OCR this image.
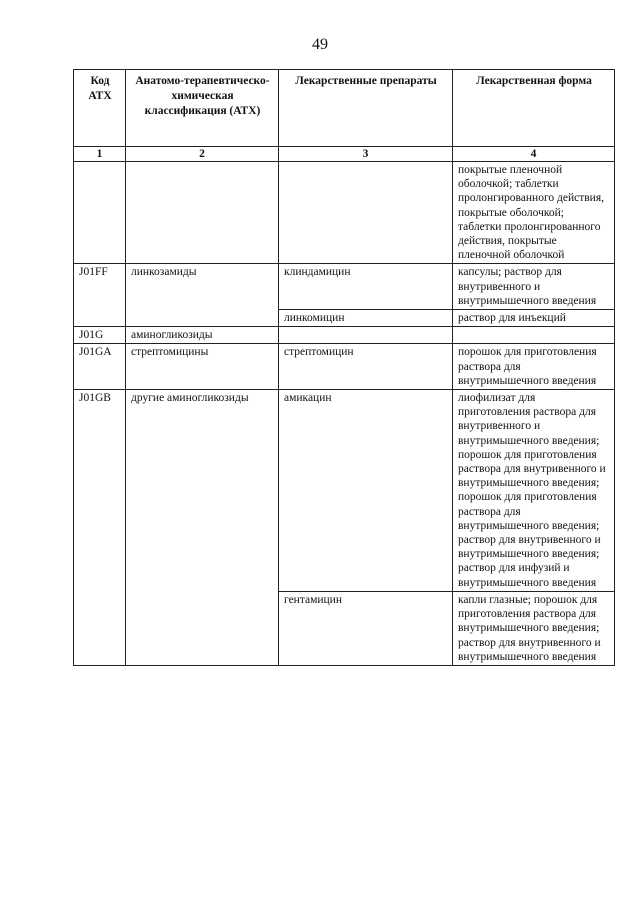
49
Код АТХ	Анатомо-терапевтическо-химическая классификация (АТХ)	Лекарственные препараты	Лекарственная форма
1	2	3	4
			покрытые пленочной оболочкой; таблетки пролонгированного действия, покрытые оболочкой; таблетки пролонгированного действия, покрытые пленочной оболочкой
J01FF	линкозамиды	клиндамицин	капсулы; раствор для внутривенного и внутримышечного введения
		линкомицин	раствор для инъекций
J01G	аминогликозиды		
J01GA	стрептомицины	стрептомицин	порошок для приготовления раствора для внутримышечного введения
J01GB	другие аминогликозиды	амикацин	лиофилизат для приготовления раствора для внутривенного и внутримышечного введения; порошок для приготовления раствора для внутривенного и внутримышечного введения; порошок для приготовления раствора для внутримышечного введения; раствор для внутривенного и внутримышечного введения; раствор для инфузий и внутримышечного введения
		гентамицин	капли глазные; порошок для приготовления раствора для внутримышечного введения; раствор для внутривенного и внутримышечного введения
